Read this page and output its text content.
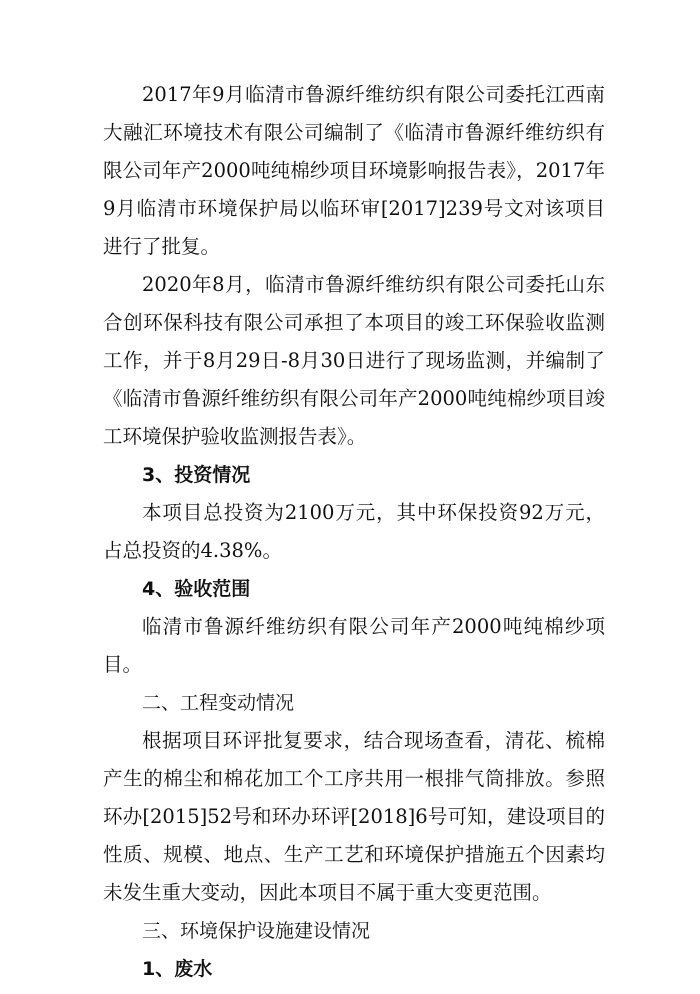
2017年9月临清市鲁源纤维纺织有限公司委托江西南大融汇环境技术有限公司编制了《临清市鲁源纤维纺织有限公司年产2000吨纯棉纱项目环境影响报告表》，2017年9月临清市环境保护局以临环审[2017]239号文对该项目进行了批复。

2020年8月，临清市鲁源纤维纺织有限公司委托山东合创环保科技有限公司承担了本项目的竣工环保验收监测工作，并于8月29日-8月30日进行了现场监测，并编制了《临清市鲁源纤维纺织有限公司年产2000吨纯棉纱项目竣工环境保护验收监测报告表》。

3、投资情况

本项目总投资为2100万元，其中环保投资92万元，占总投资的4.38%。

4、验收范围

临清市鲁源纤维纺织有限公司年产2000吨纯棉纱项目。

二、工程变动情况

根据项目环评批复要求，结合现场查看，清花、梳棉产生的棉尘和棉花加工个工序共用一根排气筒排放。参照环办[2015]52号和环办环评[2018]6号可知，建设项目的性质、规模、地点、生产工艺和环境保护措施五个因素均未发生重大变动，因此本项目不属于重大变更范围。

三、环境保护设施建设情况

1、废水
